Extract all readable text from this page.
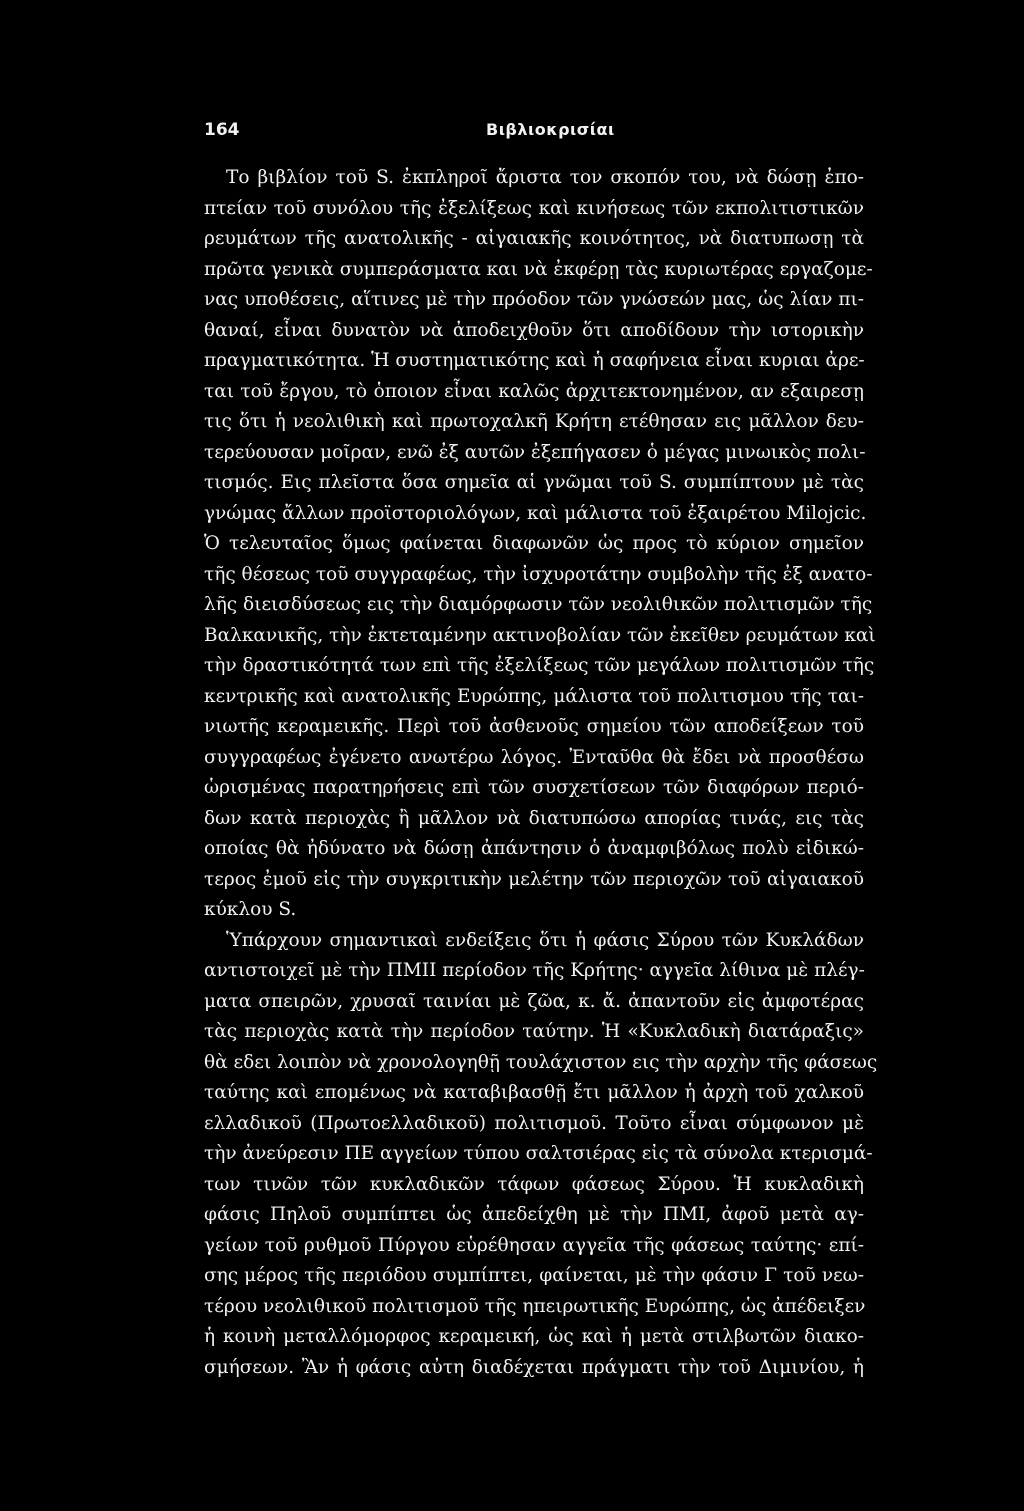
164	Βιβλιοκρισίαι
Το βιβλίον τοῦ S. ἐκπληροῖ ἄριστα τον σκοπόν του, νὰ δώσῃ ἐπο-
πτείαν τοῦ συνόλου τῆς ἐξελίξεως καὶ κινήσεως τῶν εκπολιτιστικῶν
ρευμάτων τῆς ανατολικῆς - αἰγαιακῆς κοινότητος, νὰ διατυπωσῃ τὰ
πρῶτα γενικὰ συμπεράσματα και νὰ ἐκφέρῃ τὰς κυριωτέρας εργαζομε-
νας υποθέσεις, αἵτινες μὲ τὴν πρόοδον τῶν γνώσεών μας, ὡς λίαν πι-
θαναί, εἶναι δυνατὸν νὰ ἀποδειχθοῦν ὅτι αποδίδουν τὴν ιστορικὴν
πραγματικότητα. Ἡ συστηματικότης καὶ ἡ σαφήνεια εἶναι κυριαι ἀρε-
ται τοῦ ἔργου, τὸ ὁποιον εἶναι καλῶς ἀρχιτεκτονημένον, αν εξαιρεσῃ
τις ὅτι ἡ νεολιθικὴ καὶ πρωτοχαλκῆ Κρήτη ετέθησαν εις μᾶλλον δευ-
τερεύουσαν μοῖραν, ενῶ ἐξ αυτῶν ἐξεπήγασεν ὁ μέγας μινωικὸς πολι-
τισμός. Εις πλεῖστα ὅσα σημεῖα αἱ γνῶμαι τοῦ S. συμπίπτουν μὲ τὰς
γνώμας ἄλλων προϊστοριολόγων, καὶ μάλιστα τοῦ ἐξαιρέτου Milojcic.
Ὁ τελευταῖος ὅμως φαίνεται διαφωνῶν ὡς προς τὸ κύριον σημεῖον
τῆς θέσεως τοῦ συγγραφέως, τὴν ἰσχυροτάτην συμβολὴν τῆς ἐξ ανατο-
λῆς διεισδύσεως εις τὴν διαμόρφωσιν τῶν νεολιθικῶν πολιτισμῶν τῆς
Βαλκανικῆς, τὴν ἐκτεταμένην ακτινοβολίαν τῶν ἐκεῖθεν ρευμάτων καὶ
τὴν δραστικότητά των επὶ τῆς ἐξελίξεως τῶν μεγάλων πολιτισμῶν τῆς
κεντρικῆς καὶ ανατολικῆς Ευρώπης, μάλιστα τοῦ πολιτισμου τῆς ται-
νιωτῆς κεραμεικῆς. Περὶ τοῦ ἀσθενοῦς σημείου τῶν αποδείξεων τοῦ
συγγραφέως ἐγένετο ανωτέρω λόγος. Ἐνταῦθα θὰ ἔδει νὰ προσθέσω
ὡρισμένας παρατηρήσεις επὶ τῶν συσχετίσεων τῶν διαφόρων περιό-
δων κατὰ περιοχὰς ἢ μᾶλλον νὰ διατυπώσω απορίας τινάς, εις τὰς
οποίας θὰ ἠδύνατο νὰ δώσῃ ἀπάντησιν ὁ ἀναμφιβόλως πολὺ εἰδικώ-
τερος ἐμοῦ εἰς τὴν συγκριτικὴν μελέτην τῶν περιοχῶν τοῦ αἰγαιακοῦ
κύκλου S.
Ὑπάρχουν σημαντικαὶ ενδείξεις ὅτι ἡ φάσις Σύρου τῶν Κυκλάδων
αντιστοιχεῖ μὲ τὴν ΠΜΙΙ περίοδον τῆς Κρήτης· αγγεῖα λίθινα μὲ πλέγ-
ματα σπειρῶν, χρυσαῖ ταινίαι μὲ ζῶα, κ. ἄ. ἀπαντοῦν εἰς ἀμφοτέρας
τὰς περιοχὰς κατὰ τὴν περίοδον ταύτην. Ἡ «Κυκλαδικὴ διατάραξις»
θὰ εδει λοιπὸν νὰ χρονολογηθῇ τουλάχιστον εις τὴν αρχὴν τῆς φάσεως
ταύτης καὶ επομένως νὰ καταβιβασθῇ ἔτι μᾶλλον ἡ ἀρχὴ τοῦ χαλκοῦ
ελλαδικοῦ (Πρωτοελλαδικοῦ) πολιτισμοῦ. Τοῦτο εἶναι σύμφωνον μὲ
τὴν ἀνεύρεσιν ΠΕ αγγείων τύπου σαλτσιέρας εἰς τὰ σύνολα κτερισμά-
των τινῶν τῶν κυκλαδικῶν τάφων φάσεως Σύρου. Ἡ κυκλαδικὴ
φάσις Πηλοῦ συμπίπτει ὡς ἀπεδείχθη μὲ τὴν ΠΜΙ, ἀφοῦ μετὰ αγ-
γείων τοῦ ρυθμοῦ Πύργου εὑρέθησαν αγγεῖα τῆς φάσεως ταύτης· επί-
σης μέρος τῆς περιόδου συμπίπτει, φαίνεται, μὲ τὴν φάσιν Γ τοῦ νεω-
τέρου νεολιθικοῦ πολιτισμοῦ τῆς ηπειρωτικῆς Ευρώπης, ὡς ἀπέδειξεν
ἡ κοινὴ μεταλλόμορφος κεραμεική, ὡς καὶ ἡ μετὰ στιλβωτῶν διακο-
σμήσεων. Ἂν ἡ φάσις αὐτη διαδέχεται πράγματι τὴν τοῦ Διμινίου, ἡ
